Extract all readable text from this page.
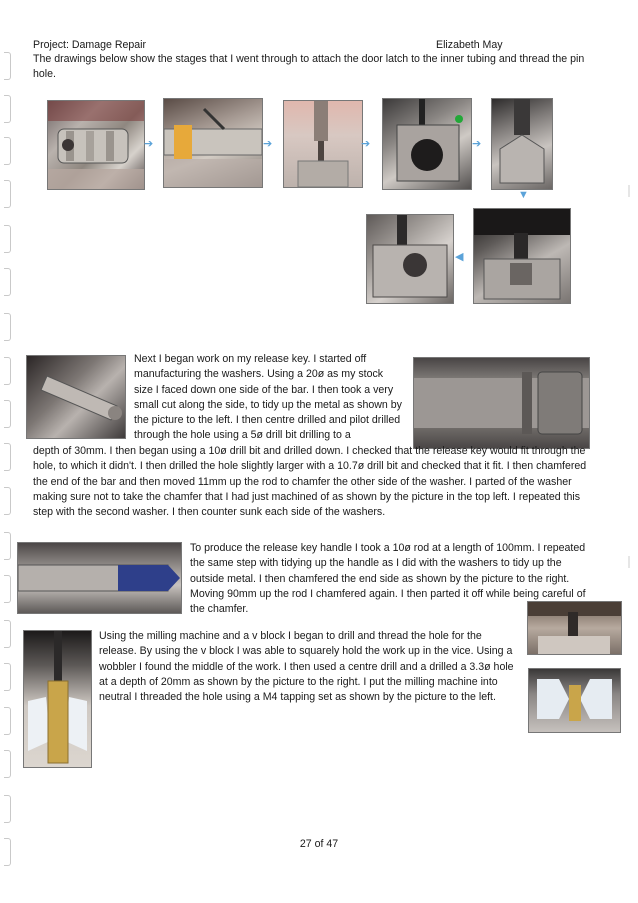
Project: Damage Repair	Elizabeth May
The drawings below show the stages that I went through to attach the door latch to the inner tubing and thread the pin hole.
➔	➔	➔	➔
▼
◀
Next I began work on my release key. I started off manufacturing the washers. Using a 20ø as my stock size I faced down one side of the bar. I then took a very small cut along the side, to tidy up the metal as shown by the picture to the left. I then centre drilled and pilot drilled through the hole using a 5ø drill bit drilling to a
depth of 30mm. I then began using a 10ø drill bit and drilled down. I checked that the release key would fit through the hole, to which it didn't. I then drilled the hole slightly larger with a 10.7ø drill bit and checked that it fit. I then chamfered the end of the bar and then moved 11mm up the rod to chamfer the other side of the washer. I parted of the washer making sure not to take the chamfer that I had just machined of as shown by the picture in the top left. I repeated this step with the second washer. I then counter sunk each side of the washers.
To produce the release key handle I took a 10ø rod at a length of 100mm. I repeated the same step with tidying up the handle as I did with the washers to tidy up the outside metal. I then chamfered the end side as shown by the picture to the right. Moving 90mm up the rod I chamfered again. I then parted it off while being careful of the chamfer.
Using the milling machine and a v block I began to drill and thread the hole for the release. By using the v block I was able to squarely hold the work up in the vice. Using a wobbler I found the middle of the work. I then used a centre drill and a drilled a 3.3ø hole at a depth of 20mm as shown by the picture to the right. I put the milling machine into neutral I threaded the hole using a M4 tapping set as shown by the picture to the left.
27 of 47
